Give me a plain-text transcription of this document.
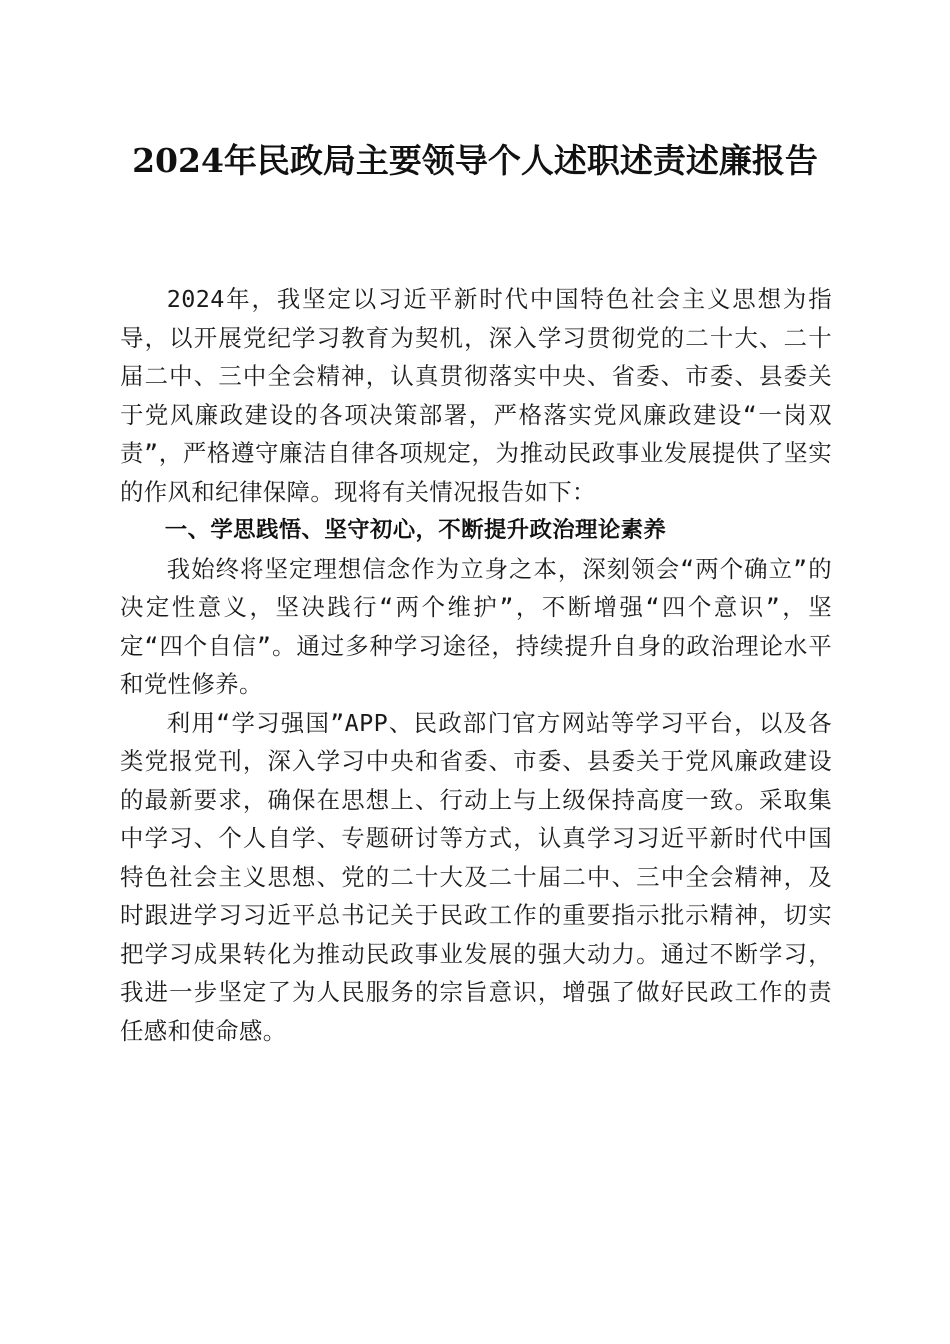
2024年民政局主要领导个人述职述责述廉报告

2024年，我坚定以习近平新时代中国特色社会主义思想为指导，以开展党纪学习教育为契机，深入学习贯彻党的二十大、二十届二中、三中全会精神，认真贯彻落实中央、省委、市委、县委关于党风廉政建设的各项决策部署，严格落实党风廉政建设“一岗双责”，严格遵守廉洁自律各项规定，为推动民政事业发展提供了坚实的作风和纪律保障。现将有关情况报告如下：

一、学思践悟、坚守初心，不断提升政治理论素养

我始终将坚定理想信念作为立身之本，深刻领会“两个确立”的决定性意义，坚决践行“两个维护”，不断增强“四个意识”，坚定“四个自信”。通过多种学习途径，持续提升自身的政治理论水平和党性修养。

利用“学习强国”APP、民政部门官方网站等学习平台，以及各类党报党刊，深入学习中央和省委、市委、县委关于党风廉政建设的最新要求，确保在思想上、行动上与上级保持高度一致。采取集中学习、个人自学、专题研讨等方式，认真学习习近平新时代中国特色社会主义思想、党的二十大及二十届二中、三中全会精神，及时跟进学习习近平总书记关于民政工作的重要指示批示精神，切实把学习成果转化为推动民政事业发展的强大动力。通过不断学习，我进一步坚定了为人民服务的宗旨意识，增强了做好民政工作的责任感和使命感。
